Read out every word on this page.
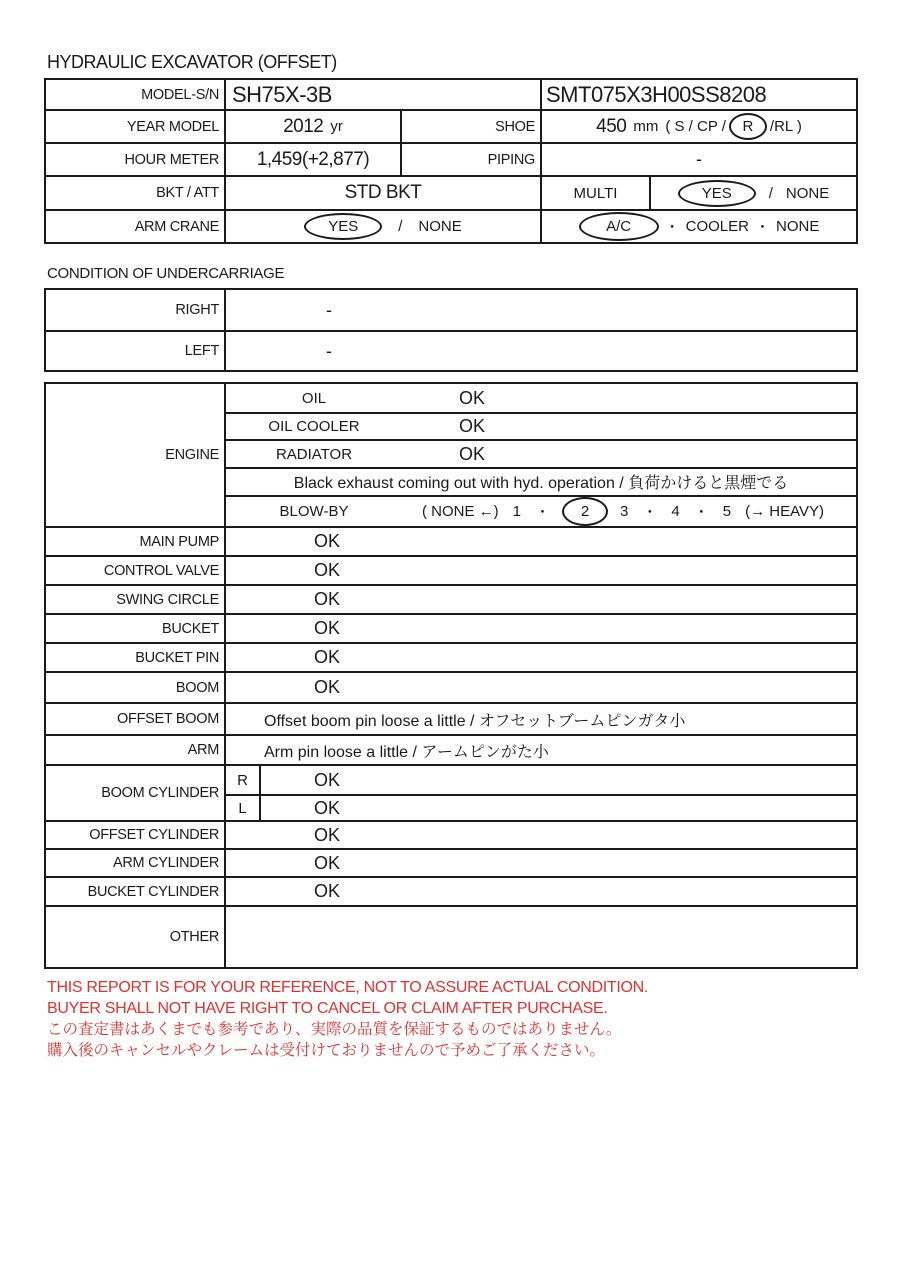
HYDRAULIC EXCAVATOR (OFFSET)
MODEL-S/N SH75X-3B	SMT075X3H00SS8208
YEAR MODEL	2012 yr	SHOE	450 mm ( S / CP /	R	/RL )
HOUR METER	1,459(+2,877)	PIPING	-
BKT / ATT	STD BKT	MULTI	YES	/ NONE
ARM CRANE	YES	/ NONE	A/C	・ COOLER ・ NONE
CONDITION OF UNDERCARRIAGE
RIGHT	-
LEFT	-
ENGINE
OIL	OK
OIL COOLER	OK
RADIATOR	OK
Black exhaust coming out with hyd. operation / 負荷かけると黒煙でる
BLOW-BY	( NONE ←) 1 ・	2	3 ・ 4 ・ 5 (→ HEAVY)
MAIN PUMP	OK
CONTROL VALVE	OK
SWING CIRCLE	OK
BUCKET	OK
BUCKET PIN	OK
BOOM	OK
OFFSET BOOM	Offset boom pin loose a little / オフセットブームピンガタ小
ARM	Arm pin loose a little / アームピンがた小
BOOM CYLINDER
R	OK
L	OK
OFFSET CYLINDER	OK
ARM CYLINDER	OK
BUCKET CYLINDER	OK
OTHER
THIS REPORT IS FOR YOUR REFERENCE, NOT TO ASSURE ACTUAL CONDITION.
BUYER SHALL NOT HAVE RIGHT TO CANCEL OR CLAIM AFTER PURCHASE.
この査定書はあくまでも参考であり、実際の品質を保証するものではありません。
購入後のキャンセルやクレームは受付けておりませんので予めご了承ください。
